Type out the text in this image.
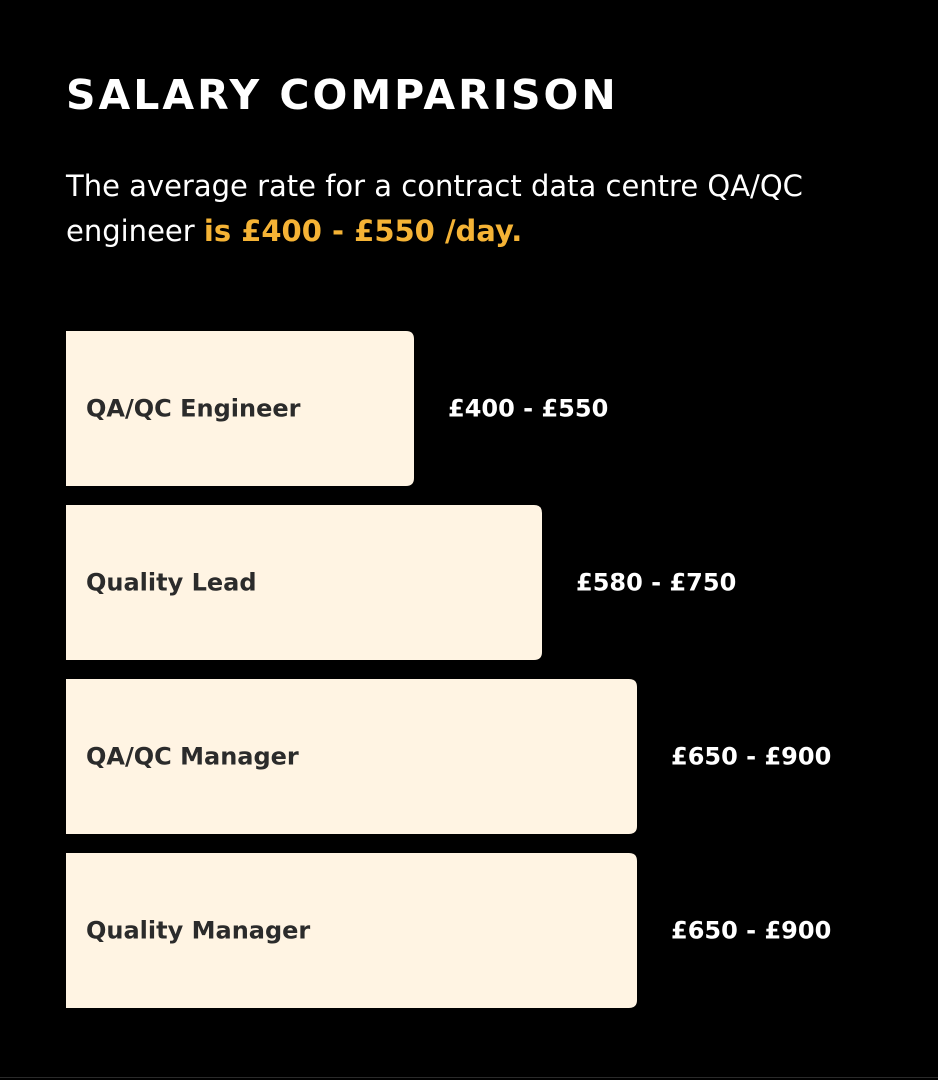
SALARY COMPARISON

The average rate for a contract data centre QA/QC engineer is £400 - £550 /day.

QA/QC Engineer	£400 - £550
Quality Lead	£580 - £750
QA/QC Manager	£650 - £900
Quality Manager	£650 - £900
